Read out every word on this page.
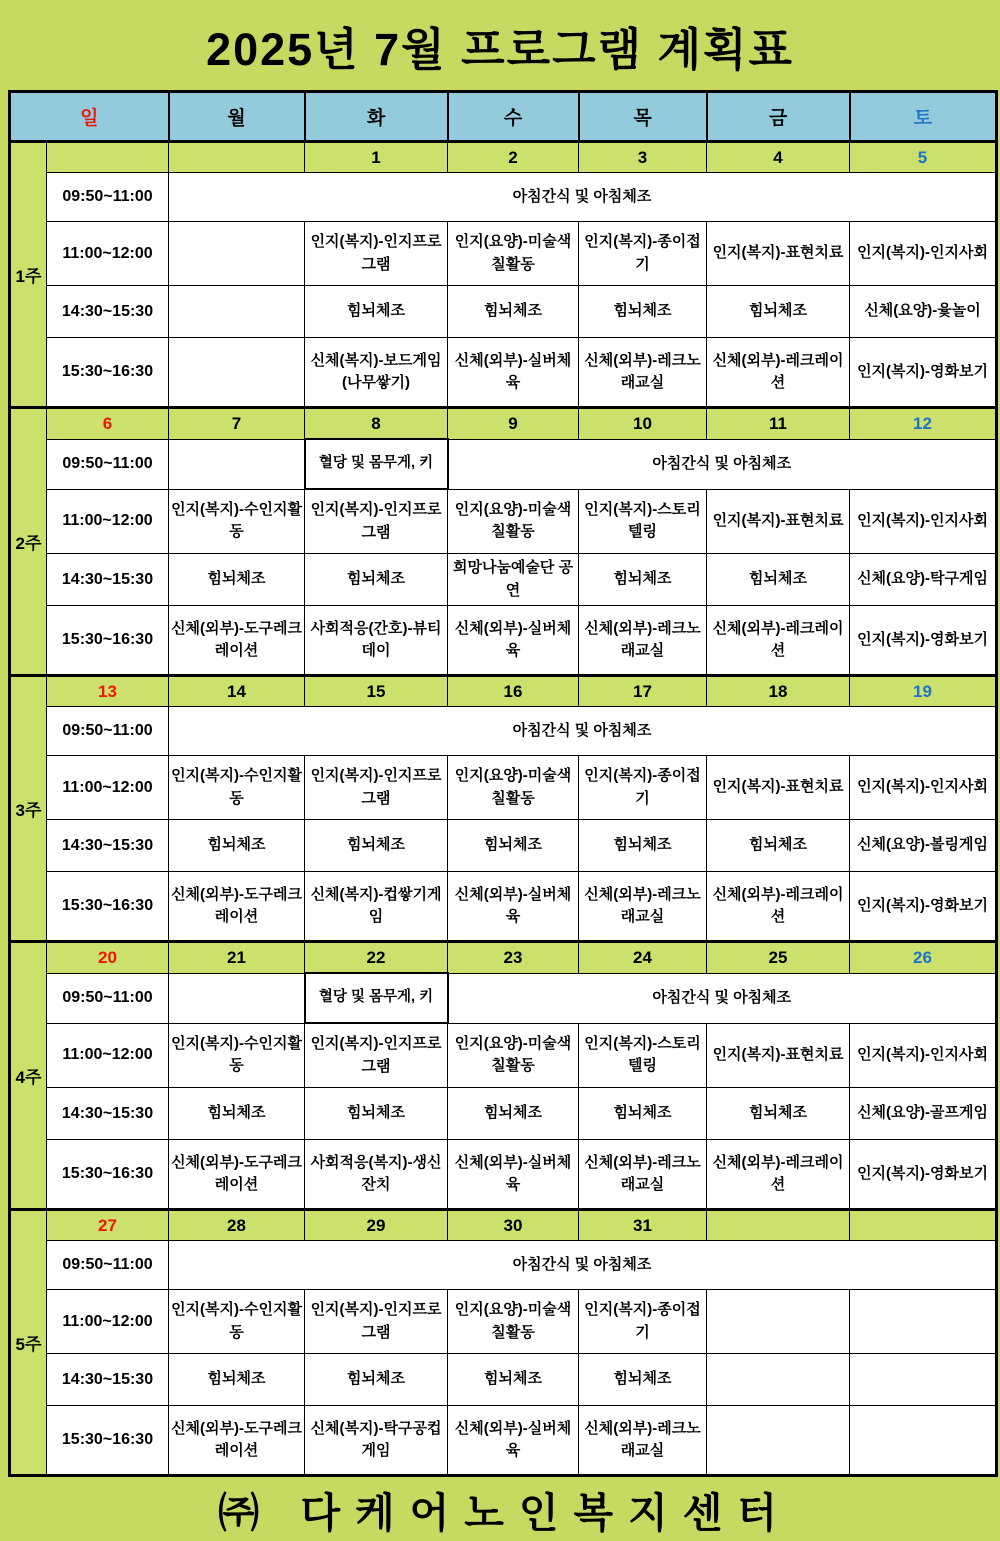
2025년 7월 프로그램 계획표
일		월	화	수	목	금	토
1주			1	2	3	4	5
	09:50~11:00	아침간식 및 아침체조					
	11:00~12:00		인지(복지)-인지프로그램	인지(요양)-미술색칠활동	인지(복지)-종이접기	인지(복지)-표현치료	인지(복지)-인지사회
	14:30~15:30		힘뇌체조	힘뇌체조	힘뇌체조	힘뇌체조	신체(요양)-윷놀이
	15:30~16:30		신체(복지)-보드게임(나무쌓기)	신체(외부)-실버체육	신체(외부)-레크노래교실	신체(외부)-레크레이션	인지(복지)-영화보기
2주	6	7	8	9	10	11	12
	09:50~11:00		혈당 및 몸무게, 키	아침간식 및 아침체조			
	11:00~12:00	인지(복지)-수인지활동	인지(복지)-인지프로그램	인지(요양)-미술색칠활동	인지(복지)-스토리텔링	인지(복지)-표현치료	인지(복지)-인지사회
	14:30~15:30	힘뇌체조	힘뇌체조	희망나눔예술단 공연	힘뇌체조	힘뇌체조	신체(요양)-탁구게임
	15:30~16:30	신체(외부)-도구레크레이션	사회적응(간호)-뷰티데이	신체(외부)-실버체육	신체(외부)-레크노래교실	신체(외부)-레크레이션	인지(복지)-영화보기
3주	13	14	15	16	17	18	19
	09:50~11:00	아침간식 및 아침체조					
	11:00~12:00	인지(복지)-수인지활동	인지(복지)-인지프로그램	인지(요양)-미술색칠활동	인지(복지)-종이접기	인지(복지)-표현치료	인지(복지)-인지사회
	14:30~15:30	힘뇌체조	힘뇌체조	힘뇌체조	힘뇌체조	힘뇌체조	신체(요양)-볼링게임
	15:30~16:30	신체(외부)-도구레크레이션	신체(복지)-컵쌓기게임	신체(외부)-실버체육	신체(외부)-레크노래교실	신체(외부)-레크레이션	인지(복지)-영화보기
4주	20	21	22	23	24	25	26
	09:50~11:00		혈당 및 몸무게, 키	아침간식 및 아침체조			
	11:00~12:00	인지(복지)-수인지활동	인지(복지)-인지프로그램	인지(요양)-미술색칠활동	인지(복지)-스토리텔링	인지(복지)-표현치료	인지(복지)-인지사회
	14:30~15:30	힘뇌체조	힘뇌체조	힘뇌체조	힘뇌체조	힘뇌체조	신체(요양)-골프게임
	15:30~16:30	신체(외부)-도구레크레이션	사회적응(복지)-생신잔치	신체(외부)-실버체육	신체(외부)-레크노래교실	신체(외부)-레크레이션	인지(복지)-영화보기
5주	27	28	29	30	31		
	09:50~11:00	아침간식 및 아침체조					
	11:00~12:00	인지(복지)-수인지활동	인지(복지)-인지프로그램	인지(요양)-미술색칠활동	인지(복지)-종이접기		
	14:30~15:30	힘뇌체조	힘뇌체조	힘뇌체조	힘뇌체조		
	15:30~16:30	신체(외부)-도구레크레이션	신체(복지)-탁구공컵게임	신체(외부)-실버체육	신체(외부)-레크노래교실		
㈜ 다케어노인복지센터
